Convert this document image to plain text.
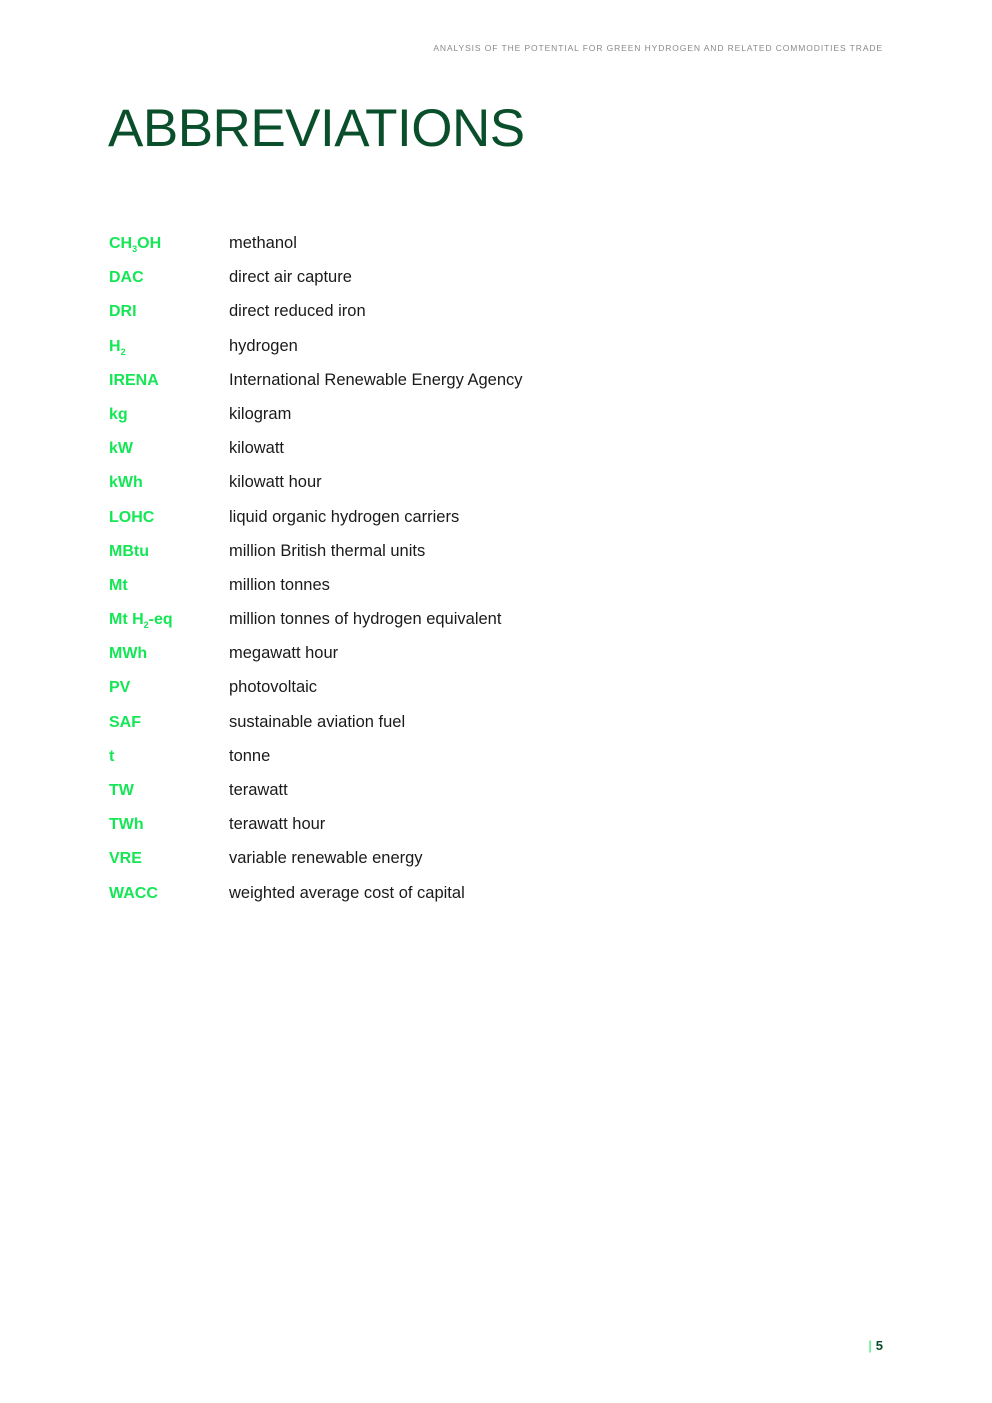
ANALYSIS OF THE POTENTIAL FOR GREEN HYDROGEN AND RELATED COMMODITIES TRADE
ABBREVIATIONS
$CH_3OH$	methanol
DAC	direct air capture
DRI	direct reduced iron
$H_2$	hydrogen
IRENA	International Renewable Energy Agency
kg	kilogram
kW	kilowatt
kWh	kilowatt hour
LOHC	liquid organic hydrogen carriers
MBtu	million British thermal units
Mt	million tonnes
Mt $H_2-eq$	million tonnes of hydrogen equivalent
MWh	megawatt hour
PV	photovoltaic
SAF	sustainable aviation fuel
t	tonne
TW	terawatt
TWh	terawatt hour
VRE	variable renewable energy
WACC	weighted average cost of capital
| 5
